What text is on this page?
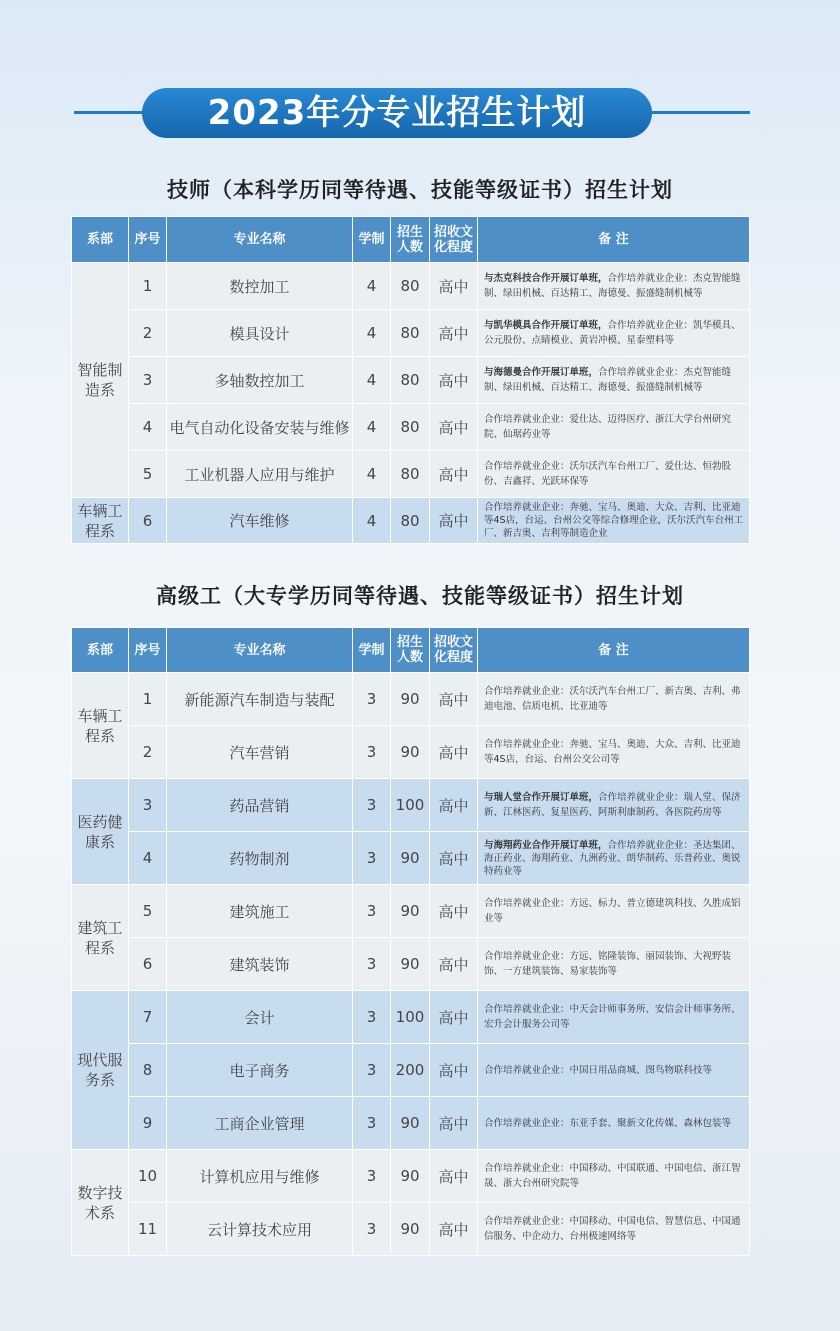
2023年分专业招生计划
技师（本科学历同等待遇、技能等级证书）招生计划
系部	序号	专业名称	学制	招生人数	招收文化程度	备 注
智能制造系	1	数控加工	4	80	高中	与杰克科技合作开展订单班，合作培养就业企业：杰克智能缝制、绿田机械、百达精工、海德曼、振盛缝制机械等
	2	模具设计	4	80	高中	与凯华模具合作开展订单班，合作培养就业企业：凯华模具、公元股份、点睛模业、黄岩冲模、星泰塑料等
	3	多轴数控加工	4	80	高中	与海德曼合作开展订单班，合作培养就业企业：杰克智能缝制、绿田机械、百达精工、海德曼、振盛缝制机械等
	4	电气自动化设备安装与维修	4	80	高中	合作培养就业企业：爱仕达、迈得医疗、浙江大学台州研究院、仙琚药业等
	5	工业机器人应用与维护	4	80	高中	合作培养就业企业：沃尔沃汽车台州工厂、爱仕达、恒勃股份、吉鑫祥、光跃环保等
车辆工程系	6	汽车维修	4	80	高中	合作培养就业企业：奔驰、宝马、奥迪、大众、吉利、比亚迪等4S店，台运、台州公交等综合修理企业，沃尔沃汽车台州工厂、新吉奥、吉利等制造企业
高级工（大专学历同等待遇、技能等级证书）招生计划
系部	序号	专业名称	学制	招生人数	招收文化程度	备 注
车辆工程系	1	新能源汽车制造与装配	3	90	高中	合作培养就业企业：沃尔沃汽车台州工厂、新吉奥、吉利、弗迪电池、信质电机、比亚迪等
	2	汽车营销	3	90	高中	合作培养就业企业：奔驰、宝马、奥迪、大众、吉利、比亚迪等4S店，台运、台州公交公司等
医药健康系	3	药品营销	3	100	高中	与瑞人堂合作开展订单班，合作培养就业企业：瑞人堂、保济新、江林医药、复星医药、阿斯利康制药、各医院药房等
	4	药物制剂	3	90	高中	与海翔药业合作开展订单班，合作培养就业企业：圣达集团、海正药业、海翔药业、九洲药业、朗华制药、乐普药业、奥锐特药业等
建筑工程系	5	建筑施工	3	90	高中	合作培养就业企业：方远、标力、普立德建筑科技、久胜成铝业等
	6	建筑装饰	3	90	高中	合作培养就业企业：方远、铭隆装饰、丽园装饰、大视野装饰、一方建筑装饰、易家装饰等
现代服务系	7	会计	3	100	高中	合作培养就业企业：中天会计师事务所、安信会计师事务所、宏升会计服务公司等
	8	电子商务	3	200	高中	合作培养就业企业：中国日用品商城、图鸟物联科技等
	9	工商企业管理	3	90	高中	合作培养就业企业：东亚手套、聚新文化传媒、森林包装等
数字技术系	10	计算机应用与维修	3	90	高中	合作培养就业企业：中国移动、中国联通、中国电信、浙江智晟、浙大台州研究院等
	11	云计算技术应用	3	90	高中	合作培养就业企业：中国移动、中国电信、智慧信息、中国通信服务、中企动力、台州极速网络等
